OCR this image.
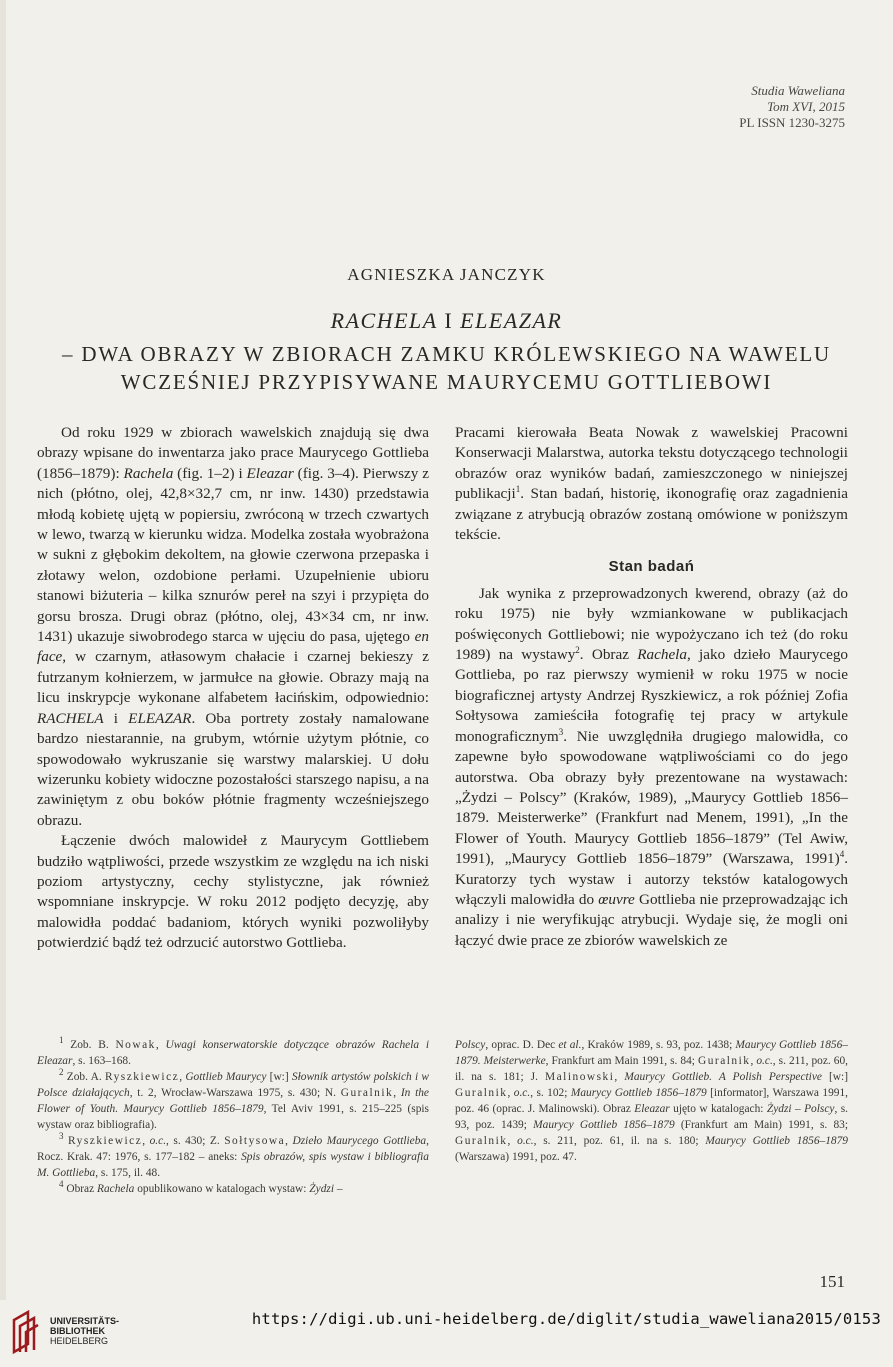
Studia Waweliana
Tom XVI, 2015
PL ISSN 1230-3275
AGNIESZKA JANCZYK
RACHELA I ELEAZAR
– DWA OBRAZY W ZBIORACH ZAMKU KRÓLEWSKIEGO NA WAWELU
WCZEŚNIEJ PRZYPISYWANE MAURYCEMU GOTTLIEBOWI

Od roku 1929 w zbiorach wawelskich znajdują się dwa obrazy wpisane do inwentarza jako prace Maurycego Gottlieba (1856–1879): Rachela (fig. 1–2) i Eleazar (fig. 3–4). Pierwszy z nich (płótno, olej, 42,8×32,7 cm, nr inw. 1430) przedstawia młodą kobietę ujętą w popiersiu, zwróconą w trzech czwartych w lewo, twarzą w kierunku widza. Modelka została wyobrażona w sukni z głębokim dekoltem, na głowie czerwona przepaska i złotawy welon, ozdobione perłami. Uzupełnienie ubioru stanowi biżuteria – kilka sznurów pereł na szyi i przypięta do gorsu brosza. Drugi obraz (płótno, olej, 43×34 cm, nr inw. 1431) ukazuje siwobrodego starca w ujęciu do pasa, ujętego en face, w czarnym, atłasowym chałacie i czarnej bekieszy z futrzanym kołnierzem, w jarmułce na głowie. Obrazy mają na licu inskrypcje wykonane alfabetem łacińskim, odpowiednio: RACHELA i ELEAZAR. Oba portrety zostały namalowane bardzo niestarannie, na grubym, wtórnie użytym płótnie, co spowodowało wykruszanie się warstwy malarskiej. U dołu wizerunku kobiety widoczne pozostałości starszego napisu, a na zawiniętym z obu boków płótnie fragmenty wcześniejszego obrazu.

Łączenie dwóch malowideł z Maurycym Gottliebem budziło wątpliwości, przede wszystkim ze względu na ich niski poziom artystyczny, cechy stylistyczne, jak również wspomniane inskrypcje. W roku 2012 podjęto decyzję, aby malowidła poddać badaniom, których wyniki pozwoliłyby potwierdzić bądź też odrzucić autorstwo Gottlieba.

Pracami kierowała Beata Nowak z wawelskiej Pracowni Konserwacji Malarstwa, autorka tekstu dotyczącego technologii obrazów oraz wyników badań, zamieszczonego w niniejszej publikacji$^1$. Stan badań, historię, ikonografię oraz zagadnienia związane z atrybucją obrazów zostaną omówione w poniższym tekście.

Stan badań

Jak wynika z przeprowadzonych kwerend, obrazy (aż do roku 1975) nie były wzmiankowane w publikacjach poświęconych Gottliebowi; nie wypożyczano ich też (do roku 1989) na wystawy$^2$. Obraz Rachela, jako dzieło Maurycego Gottlieba, po raz pierwszy wymienił w roku 1975 w nocie biograficznej artysty Andrzej Ryszkiewicz, a rok później Zofia Sołtysowa zamieściła fotografię tej pracy w artykule monograficznym$^3$. Nie uwzględniła drugiego malowidła, co zapewne było spowodowane wątpliwościami co do jego autorstwa. Oba obrazy były prezentowane na wystawach: „Żydzi – Polscy” (Kraków, 1989), „Maurycy Gottlieb 1856–1879. Meisterwerke” (Frankfurt nad Menem, 1991), „In the Flower of Youth. Maurycy Gottlieb 1856–1879” (Tel Awiw, 1991), „Maurycy Gottlieb 1856–1879” (Warszawa, 1991)$^4$. Kuratorzy tych wystaw i autorzy tekstów katalogowych włączyli malowidła do œuvre Gottlieba nie przeprowadzając ich analizy i nie weryfikując atrybucji. Wydaje się, że mogli oni łączyć dwie prace ze zbiorów wawelskich ze

$^1$ Zob. B. Nowak, Uwagi konserwatorskie dotyczące obrazów Rachela i Eleazar, s. 163–168.

$^2$ Zob. A. Ryszkiewicz, Gottlieb Maurycy [w:] Słownik artystów polskich i w Polsce działających, t. 2, Wrocław-Warszawa 1975, s. 430; N. Guralnik, In the Flower of Youth. Maurycy Gottlieb 1856–1879, Tel Aviv 1991, s. 215–225 (spis wystaw oraz bibliografia).

$^3$ Ryszkiewicz, o.c., s. 430; Z. Sołtysowa, Dzieło Maurycego Gottlieba, Rocz. Krak. 47: 1976, s. 177–182 – aneks: Spis obrazów, spis wystaw i bibliografia M. Gottlieba, s. 175, il. 48.

$^4$ Obraz Rachela opublikowano w katalogach wystaw: Żydzi –

Polscy, oprac. D. Dec et al., Kraków 1989, s. 93, poz. 1438; Maurycy Gottlieb 1856–1879. Meisterwerke, Frankfurt am Main 1991, s. 84; Guralnik, o.c., s. 211, poz. 60, il. na s. 181; J. Malinowski, Maurycy Gottlieb. A Polish Perspective [w:] Guralnik, o.c., s. 102; Maurycy Gottlieb 1856–1879 [informator], Warszawa 1991, poz. 46 (oprac. J. Malinowski). Obraz Eleazar ujęto w katalogach: Żydzi – Polscy, s. 93, poz. 1439; Maurycy Gottlieb 1856–1879 (Frankfurt am Main) 1991, s. 83; Guralnik, o.c., s. 211, poz. 61, il. na s. 180; Maurycy Gottlieb 1856–1879 (Warszawa) 1991, poz. 47.

151
UNIVERSITÄTS-
BIBLIOTHEK
HEIDELBERG
https://digi.ub.uni-heidelberg.de/diglit/studia_waweliana2015/0153
